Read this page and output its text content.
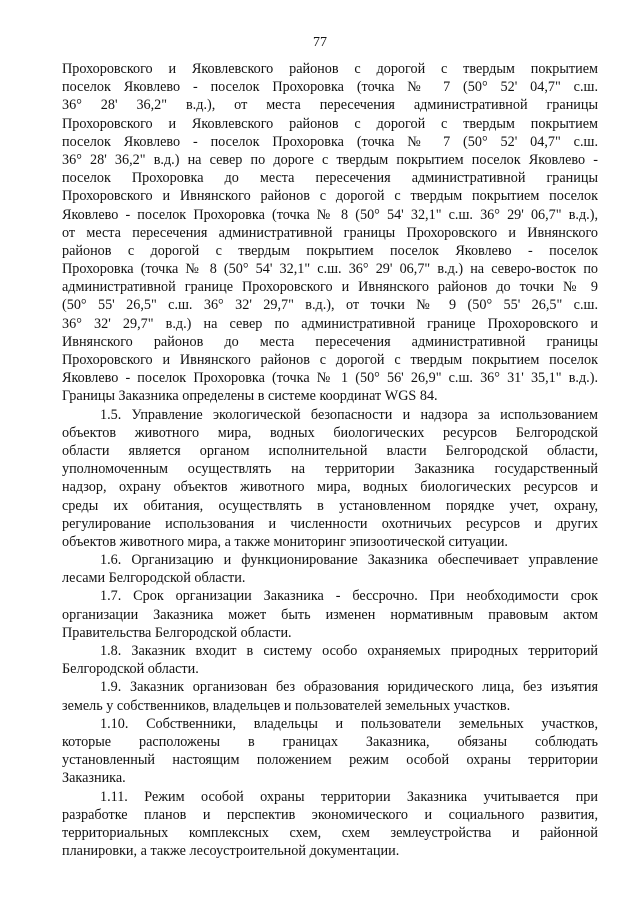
77
Прохоровского и Яковлевского районов с дорогой с твердым покрытием
поселок Яковлево - поселок Прохоровка (точка № 7 (50° 52' 04,7" с.ш.
36° 28' 36,2" в.д.), от места пересечения административной границы
Прохоровского и Яковлевского районов с дорогой с твердым покрытием
поселок Яковлево - поселок Прохоровка (точка № 7 (50° 52' 04,7" с.ш.
36° 28' 36,2" в.д.) на север по дороге с твердым покрытием поселок Яковлево -
поселок Прохоровка до места пересечения административной границы
Прохоровского и Ивнянского районов с дорогой с твердым покрытием поселок
Яковлево - поселок Прохоровка (точка № 8 (50° 54' 32,1" с.ш. 36° 29' 06,7" в.д.),
от места пересечения административной границы Прохоровского и Ивнянского
районов с дорогой с твердым покрытием поселок Яковлево - поселок
Прохоровка (точка № 8 (50° 54' 32,1" с.ш. 36° 29' 06,7" в.д.) на северо-восток по
административной границе Прохоровского и Ивнянского районов до точки № 9
(50° 55' 26,5" с.ш. 36° 32' 29,7" в.д.), от точки № 9 (50° 55' 26,5" с.ш.
36° 32' 29,7" в.д.) на север по административной границе Прохоровского и
Ивнянского районов до места пересечения административной границы
Прохоровского и Ивнянского районов с дорогой с твердым покрытием поселок
Яковлево - поселок Прохоровка (точка № 1 (50° 56' 26,9" с.ш. 36° 31' 35,1" в.д.).
Границы Заказника определены в системе координат WGS 84.
1.5. Управление экологической безопасности и надзора за использованием
объектов животного мира, водных биологических ресурсов Белгородской
области является органом исполнительной власти Белгородской области,
уполномоченным осуществлять на территории Заказника государственный
надзор, охрану объектов животного мира, водных биологических ресурсов и
среды их обитания, осуществлять в установленном порядке учет, охрану,
регулирование использования и численности охотничьих ресурсов и других
объектов животного мира, а также мониторинг эпизоотической ситуации.
1.6. Организацию и функционирование Заказника обеспечивает управление
лесами Белгородской области.
1.7. Срок организации Заказника - бессрочно. При необходимости срок
организации Заказника может быть изменен нормативным правовым актом
Правительства Белгородской области.
1.8. Заказник входит в систему особо охраняемых природных территорий
Белгородской области.
1.9. Заказник организован без образования юридического лица, без изъятия
земель у собственников, владельцев и пользователей земельных участков.
1.10. Собственники, владельцы и пользователи земельных участков,
которые расположены в границах Заказника, обязаны соблюдать
установленный настоящим положением режим особой охраны территории
Заказника.
1.11. Режим особой охраны территории Заказника учитывается при
разработке планов и перспектив экономического и социального развития,
территориальных комплексных схем, схем землеустройства и районной
планировки, а также лесоустроительной документации.
